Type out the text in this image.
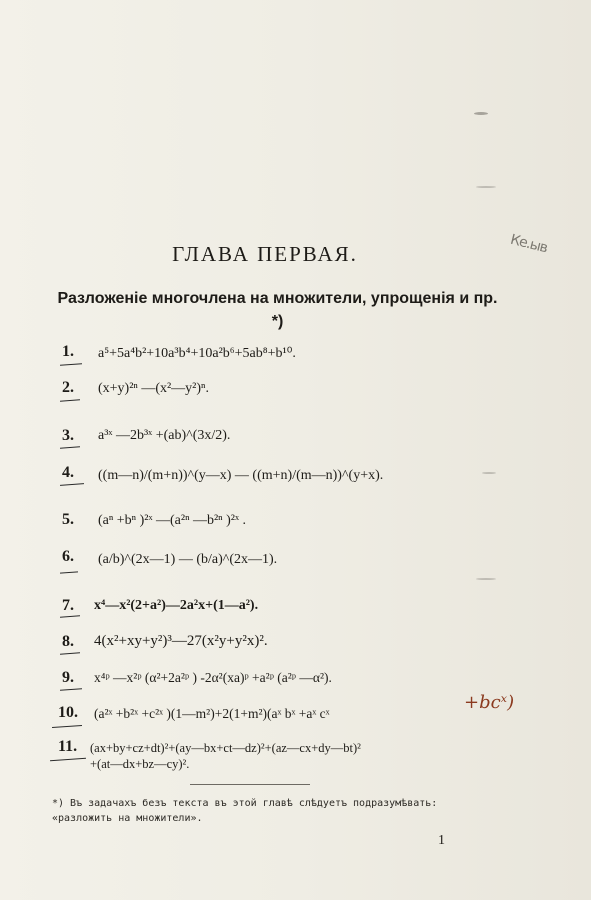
Ке.ыв
ГЛАВА ПЕРВАЯ.
Разложеніе многочлена на множители, упрощенія и пр. *)
1. a⁵+5a⁴b²+10a³b⁴+10a²b⁶+5ab⁸+b¹⁰.
2. (x+y)²ⁿ —(x²—y²)ⁿ.
3. a³ˣ —2b³ˣ +(ab)^(3x/2).
4. ((m—n)/(m+n))^(y—x) — ((m+n)/(m—n))^(y+x).
5. (aⁿ +bⁿ )²ˣ —(a²ⁿ —b²ⁿ )²ˣ .
6. (a/b)^(2x—1) — (b/a)^(2x—1).
7. x⁴—x²(2+a²)—2a²x+(1—a²).
8. 4(x²+xy+y²)³—27(x²y+y²x)².
9. x⁴ᵖ —x²ᵖ (α²+2a²ᵖ ) -2α²(xa)ᵖ +a²ᵖ (a²ᵖ —α²).
10. (a²ˣ +b²ˣ +c²ˣ )(1—m²)+2(1+m²)(aˣ bˣ +aˣ cˣ
+bcˣ)
11. (ax+by+cz+dt)²+(ay—bx+ct—dz)²+(az—cx+dy—bt)²
+(at—dx+bz—cy)².
*) Въ задачахъ безъ текста въ этой главѣ слѣдуетъ подразумѣвать: «разложить на множители».
1
